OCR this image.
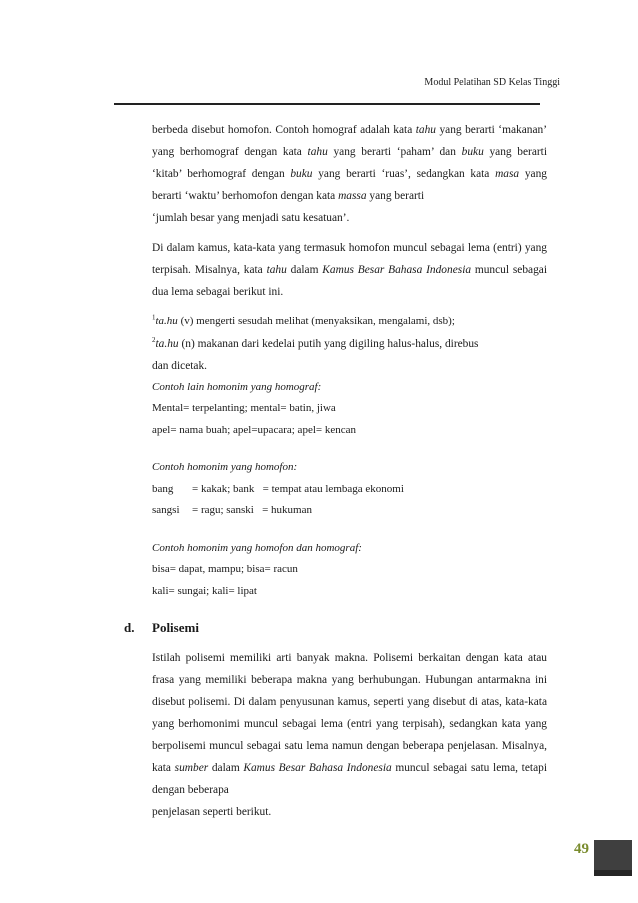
Modul Pelatihan SD Kelas Tinggi

berbeda disebut homofon. Contoh homograf adalah kata tahu yang berarti ‘makanan’ yang berhomograf dengan kata tahu yang berarti ‘paham’ dan buku yang berarti ‘kitab’ berhomograf dengan buku yang berarti ‘ruas’, sedangkan kata masa yang berarti ‘waktu’ berhomofon dengan kata massa yang berarti
‘jumlah besar yang menjadi satu kesatuan’.

Di dalam kamus, kata-kata yang termasuk homofon muncul sebagai lema (entri) yang terpisah. Misalnya, kata tahu dalam Kamus Besar Bahasa Indonesia muncul sebagai dua lema sebagai berikut ini.

$^1$ta.hu (v) mengerti sesudah melihat (menyaksikan, mengalami, dsb);

$^2$ta.hu (n) makanan dari kedelai putih yang digiling halus-halus, direbus
dan dicetak.

Contoh lain homonim yang homograf:
Mental= terpelanting; mental= batin, jiwa
apel= nama buah; apel=upacara; apel= kencan
Contoh homonim yang homofon:
bang = kakak; bank = tempat atau lembaga ekonomi
sangsi = ragu; sanski = hukuman
Contoh homonim yang homofon dan homograf:
bisa= dapat, mampu; bisa= racun
kali= sungai; kali= lipat
d. Polisemi

Istilah polisemi memiliki arti banyak makna. Polisemi berkaitan dengan kata atau frasa yang memiliki beberapa makna yang berhubungan. Hubungan antarmakna ini disebut polisemi. Di dalam penyusunan kamus, seperti yang disebut di atas, kata-kata yang berhomonimi muncul sebagai lema (entri yang terpisah), sedangkan kata yang berpolisemi muncul sebagai satu lema namun dengan beberapa penjelasan. Misalnya, kata sumber dalam Kamus Besar Bahasa Indonesia muncul sebagai satu lema, tetapi dengan beberapa
penjelasan seperti berikut.

49
